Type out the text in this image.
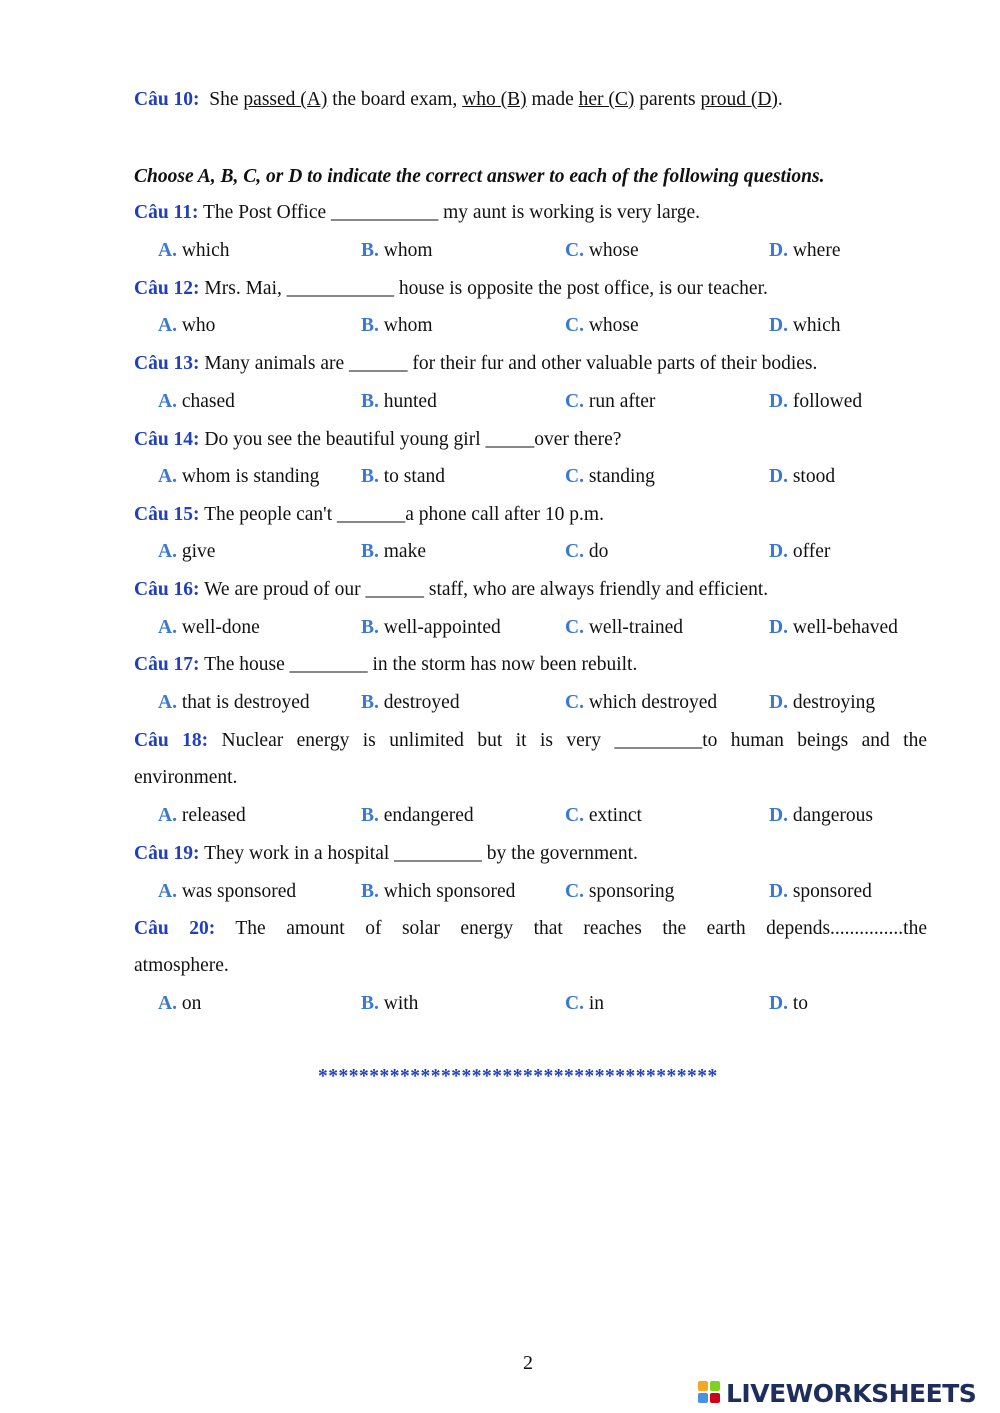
Câu 10: She passed (A) the board exam, who (B) made her (C) parents proud (D).
Choose A, B, C, or D to indicate the correct answer to each of the following questions.
Câu 11: The Post Office ___________ my aunt is working is very large.
A. which	B. whom	C. whose	D. where
Câu 12: Mrs. Mai, ___________ house is opposite the post office, is our teacher.
A. who	B. whom	C. whose	D. which
Câu 13: Many animals are ______ for their fur and other valuable parts of their bodies.
A. chased	B. hunted	C. run after	D. followed
Câu 14: Do you see the beautiful young girl _____over there?
A. whom is standing B. to stand	C. standing	D. stood
Câu 15: The people can't _______a phone call after 10 p.m.
A. give	B. make	C. do	D. offer
Câu 16: We are proud of our ______ staff, who are always friendly and efficient.
A. well-done	B. well-appointed	C. well-trained	D. well-behaved
Câu 17: The house ________ in the storm has now been rebuilt.
A. that is destroyed	B. destroyed	C. which destroyed	D. destroying
Câu 18: Nuclear energy is unlimited but it is very _________to human beings and the
environment.
A. released	B. endangered	C. extinct	D. dangerous
Câu 19: They work in a hospital _________ by the government.
A. was sponsored	B. which sponsored	C. sponsoring	D. sponsored
Câu 20: The amount of solar energy that reaches the earth depends...............the
atmosphere.
A. on	B. with	C. in	D. to
***************************************
2
LIVEWORKSHEETS
